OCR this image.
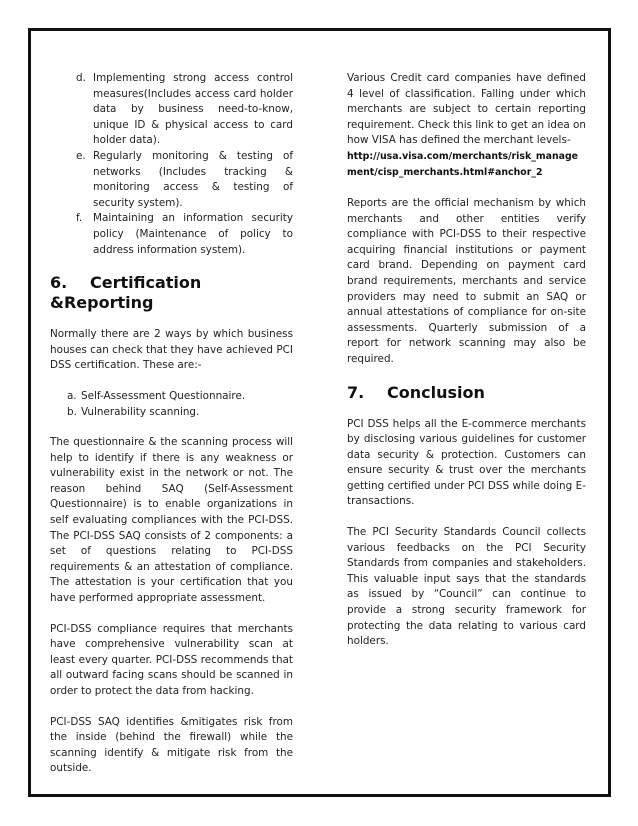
d. Implementing strong access control measures(Includes access card holder data by business need-to-know, unique ID & physical access to card holder data).
e. Regularly monitoring & testing of networks (Includes tracking & monitoring access & testing of security system).
f. Maintaining an information security policy (Maintenance of policy to address information system).
6. Certification &Reporting

Normally there are 2 ways by which business houses can check that they have achieved PCI DSS certification. These are:-

a. Self-Assessment Questionnaire.
b. Vulnerability scanning.

The questionnaire & the scanning process will help to identify if there is any weakness or vulnerability exist in the network or not. The reason behind SAQ (Self-Assessment Questionnaire) is to enable organizations in self evaluating compliances with the PCI-DSS. The PCI-DSS SAQ consists of 2 components: a set of questions relating to PCI-DSS requirements & an attestation of compliance. The attestation is your certification that you have performed appropriate assessment.

PCI-DSS compliance requires that merchants have comprehensive vulnerability scan at least every quarter. PCI-DSS recommends that all outward facing scans should be scanned in order to protect the data from hacking.

PCI-DSS SAQ identifies &mitigates risk from the inside (behind the firewall) while the scanning identify & mitigate risk from the outside.

Various Credit card companies have defined 4 level of classification. Falling under which merchants are subject to certain reporting requirement. Check this link to get an idea on how VISA has defined the merchant levels-

http://usa.visa.com/merchants/risk_management/cisp_merchants.html#anchor_2

Reports are the official mechanism by which merchants and other entities verify compliance with PCI-DSS to their respective acquiring financial institutions or payment card brand. Depending on payment card brand requirements, merchants and service providers may need to submit an SAQ or annual attestations of compliance for on-site assessments. Quarterly submission of a report for network scanning may also be required.

7. Conclusion

PCI DSS helps all the E-commerce merchants by disclosing various guidelines for customer data security & protection. Customers can ensure security & trust over the merchants getting certified under PCI DSS while doing E-transactions.

The PCI Security Standards Council collects various feedbacks on the PCI Security Standards from companies and stakeholders. This valuable input says that the standards as issued by “Council” can continue to provide a strong security framework for protecting the data relating to various card holders.
